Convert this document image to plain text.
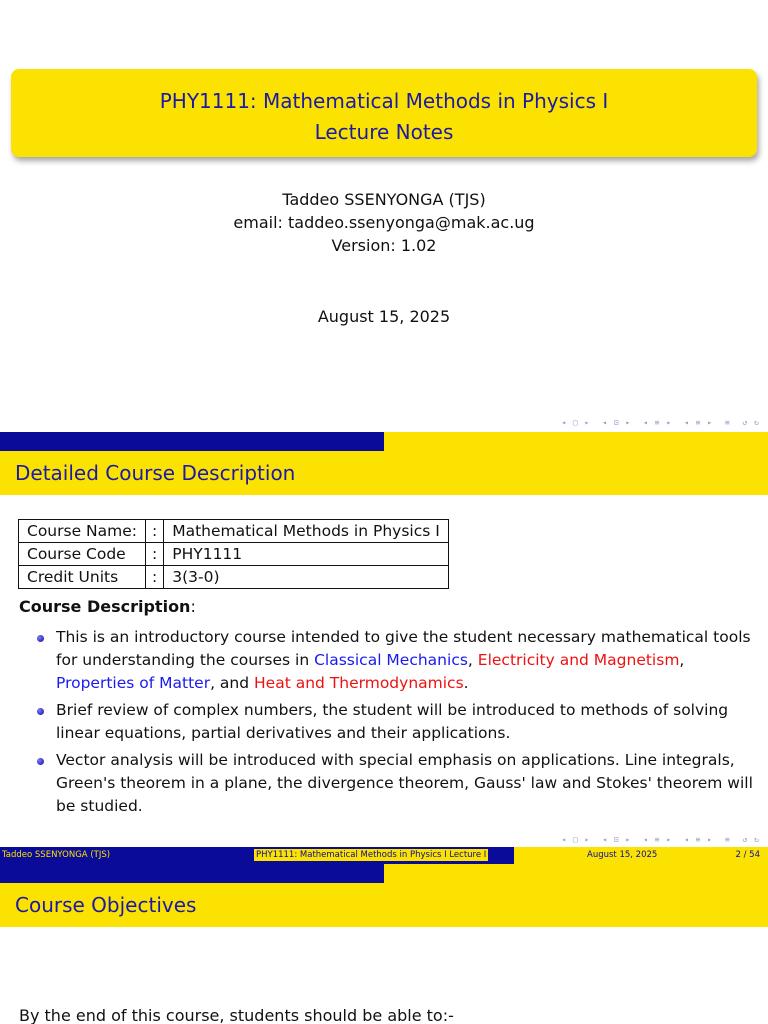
PHY1111: Mathematical Methods in Physics I
Lecture Notes
Taddeo SSENYONGA (TJS)
email: taddeo.ssenyonga@mak.ac.ug
Version: 1.02
August 15, 2025
◂ ▢ ▸ ◂ ⊡ ▸ ◂ ≡ ▸ ◂ ≡ ▸ ≡ ↺ ↻
Detailed Course Description
Course Name:	:	Mathematical Methods in Physics I
Course Code	:	PHY1111
Credit Units	:	3(3-0)
Course Description:
This is an introductory course intended to give the student necessary mathematical tools for understanding the courses in Classical Mechanics, Electricity and Magnetism, Properties of Matter, and Heat and Thermodynamics.
Brief review of complex numbers, the student will be introduced to methods of solving linear equations, partial derivatives and their applications.
Vector analysis will be introduced with special emphasis on applications. Line integrals, Green's theorem in a plane, the divergence theorem, Gauss' law and Stokes' theorem will be studied.
◂ ▢ ▸ ◂ ⊡ ▸ ◂ ≡ ▸ ◂ ≡ ▸ ≡ ↺ ↻
Taddeo SSENYONGA (TJS)	PHY1111: Mathematical Methods in Physics I Lecture I	August 15, 2025	2 / 54
Course Objectives
By the end of this course, students should be able to:-
